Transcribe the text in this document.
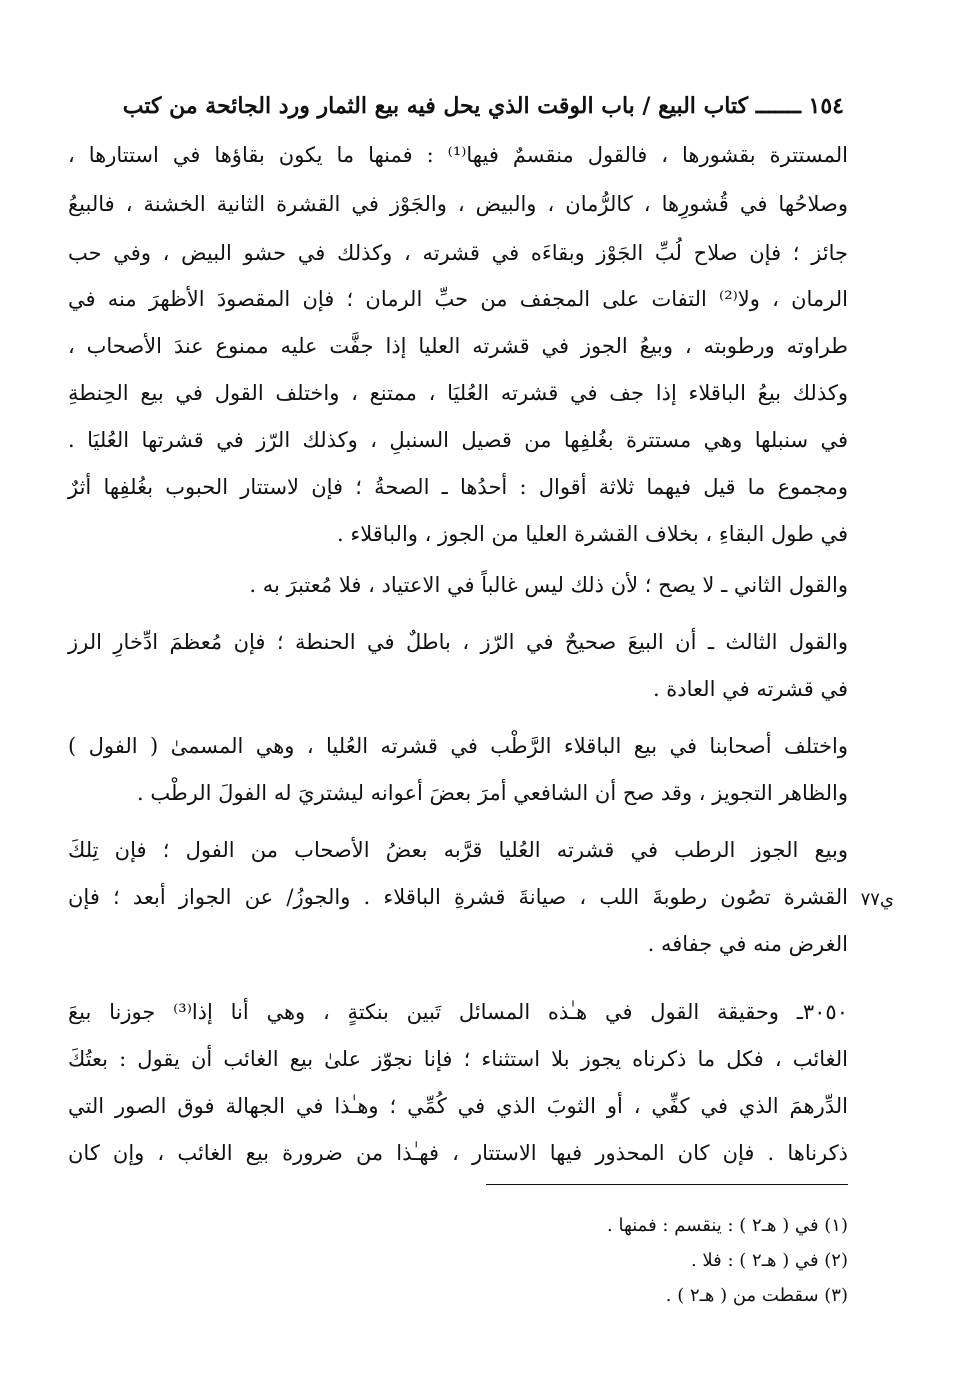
١٥٤ ـــــــ كتاب البيع / باب الوقت الذي يحل فيه بيع الثمار ورد الجائحة من كتب
المستترة بقشورها ، فالقول منقسمٌ فيها⁽¹⁾ : فمنها ما يكون بقاؤها في استتارها ،
وصلاحُها في قُشورِها ، كالرُّمان ، والبيض ، والجَوْز في القشرة الثانية الخشنة ، فالبيعُ
جائز ؛ فإن صلاح لُبِّ الجَوْز وبقاءَه في قشرته ، وكذلك في حشو البيض ، وفي حب
الرمان ، ولا⁽²⁾ التفات على المجفف من حبِّ الرمان ؛ فإن المقصودَ الأظهرَ منه في
طراوته ورطوبته ، وبيعُ الجوز في قشرته العليا إذا جفَّت عليه ممنوع عندَ الأصحاب ،
وكذلك بيعُ الباقلاء إذا جف في قشرته العُليَا ، ممتنع ، واختلف القول في بيع الحِنطةِ
في سنبلها وهي مستترة بغُلفِها من قصيل السنبلِ ، وكذلك الرّز في قشرتها العُليَا .
ومجموع ما قيل فيهما ثلاثة أقوال : أحدُها ـ الصحةُ ؛ فإن لاستتار الحبوب بغُلفِها أثرٌ
في طول البقاءِ ، بخلاف القشرة العليا من الجوز ، والباقلاء .
والقول الثاني ـ لا يصح ؛ لأن ذلك ليس غالباً في الاعتياد ، فلا مُعتبرَ به .
والقول الثالث ـ أن البيعَ صحيحٌ في الرّز ، باطلٌ في الحنطة ؛ فإن مُعظمَ ادِّخارِ الرز
في قشرته في العادة .
واختلف أصحابنا في بيع الباقلاء الرَّطْب في قشرته العُليا ، وهي المسمىٰ ( الفول )
والظاهر التجويز ، وقد صح أن الشافعي أمرَ بعضَ أعوانه ليشتريَ له الفولَ الرطْب .
وبيع الجوز الرطب في قشرته العُليا قرَّبه بعضُ الأصحاب من الفول ؛ فإن تِلكَ
القشرة تصُون رطوبةَ اللب ، صيانةَ قشرةِ الباقلاء . والجوزُ/ عن الجواز أبعد ؛ فإن
الغرض منه في جفافه .
٣٠٥٠ـ وحقيقة القول في هـٰذه المسائل تَبين بنكتةٍ ، وهي أنا إذا⁽³⁾ جوزنا بيعَ
الغائب ، فكل ما ذكرناه يجوز بلا استثناء ؛ فإنا نجوّز علىٰ بيع الغائب أن يقول : بعتُكَ
الدِّرهمَ الذي في كفِّي ، أو الثوبَ الذي في كُمِّي ؛ وهـٰذا في الجهالة فوق الصور التي
ذكرناها . فإن كان المحذور فيها الاستتار ، فهـٰذا من ضرورة بيع الغائب ، وإن كان
ي٧٧
(١) في ( هـ٢ ) : ينقسم : فمنها .
(٢) في ( هـ٢ ) : فلا .
(٣) سقطت من ( هـ٢ ) .
